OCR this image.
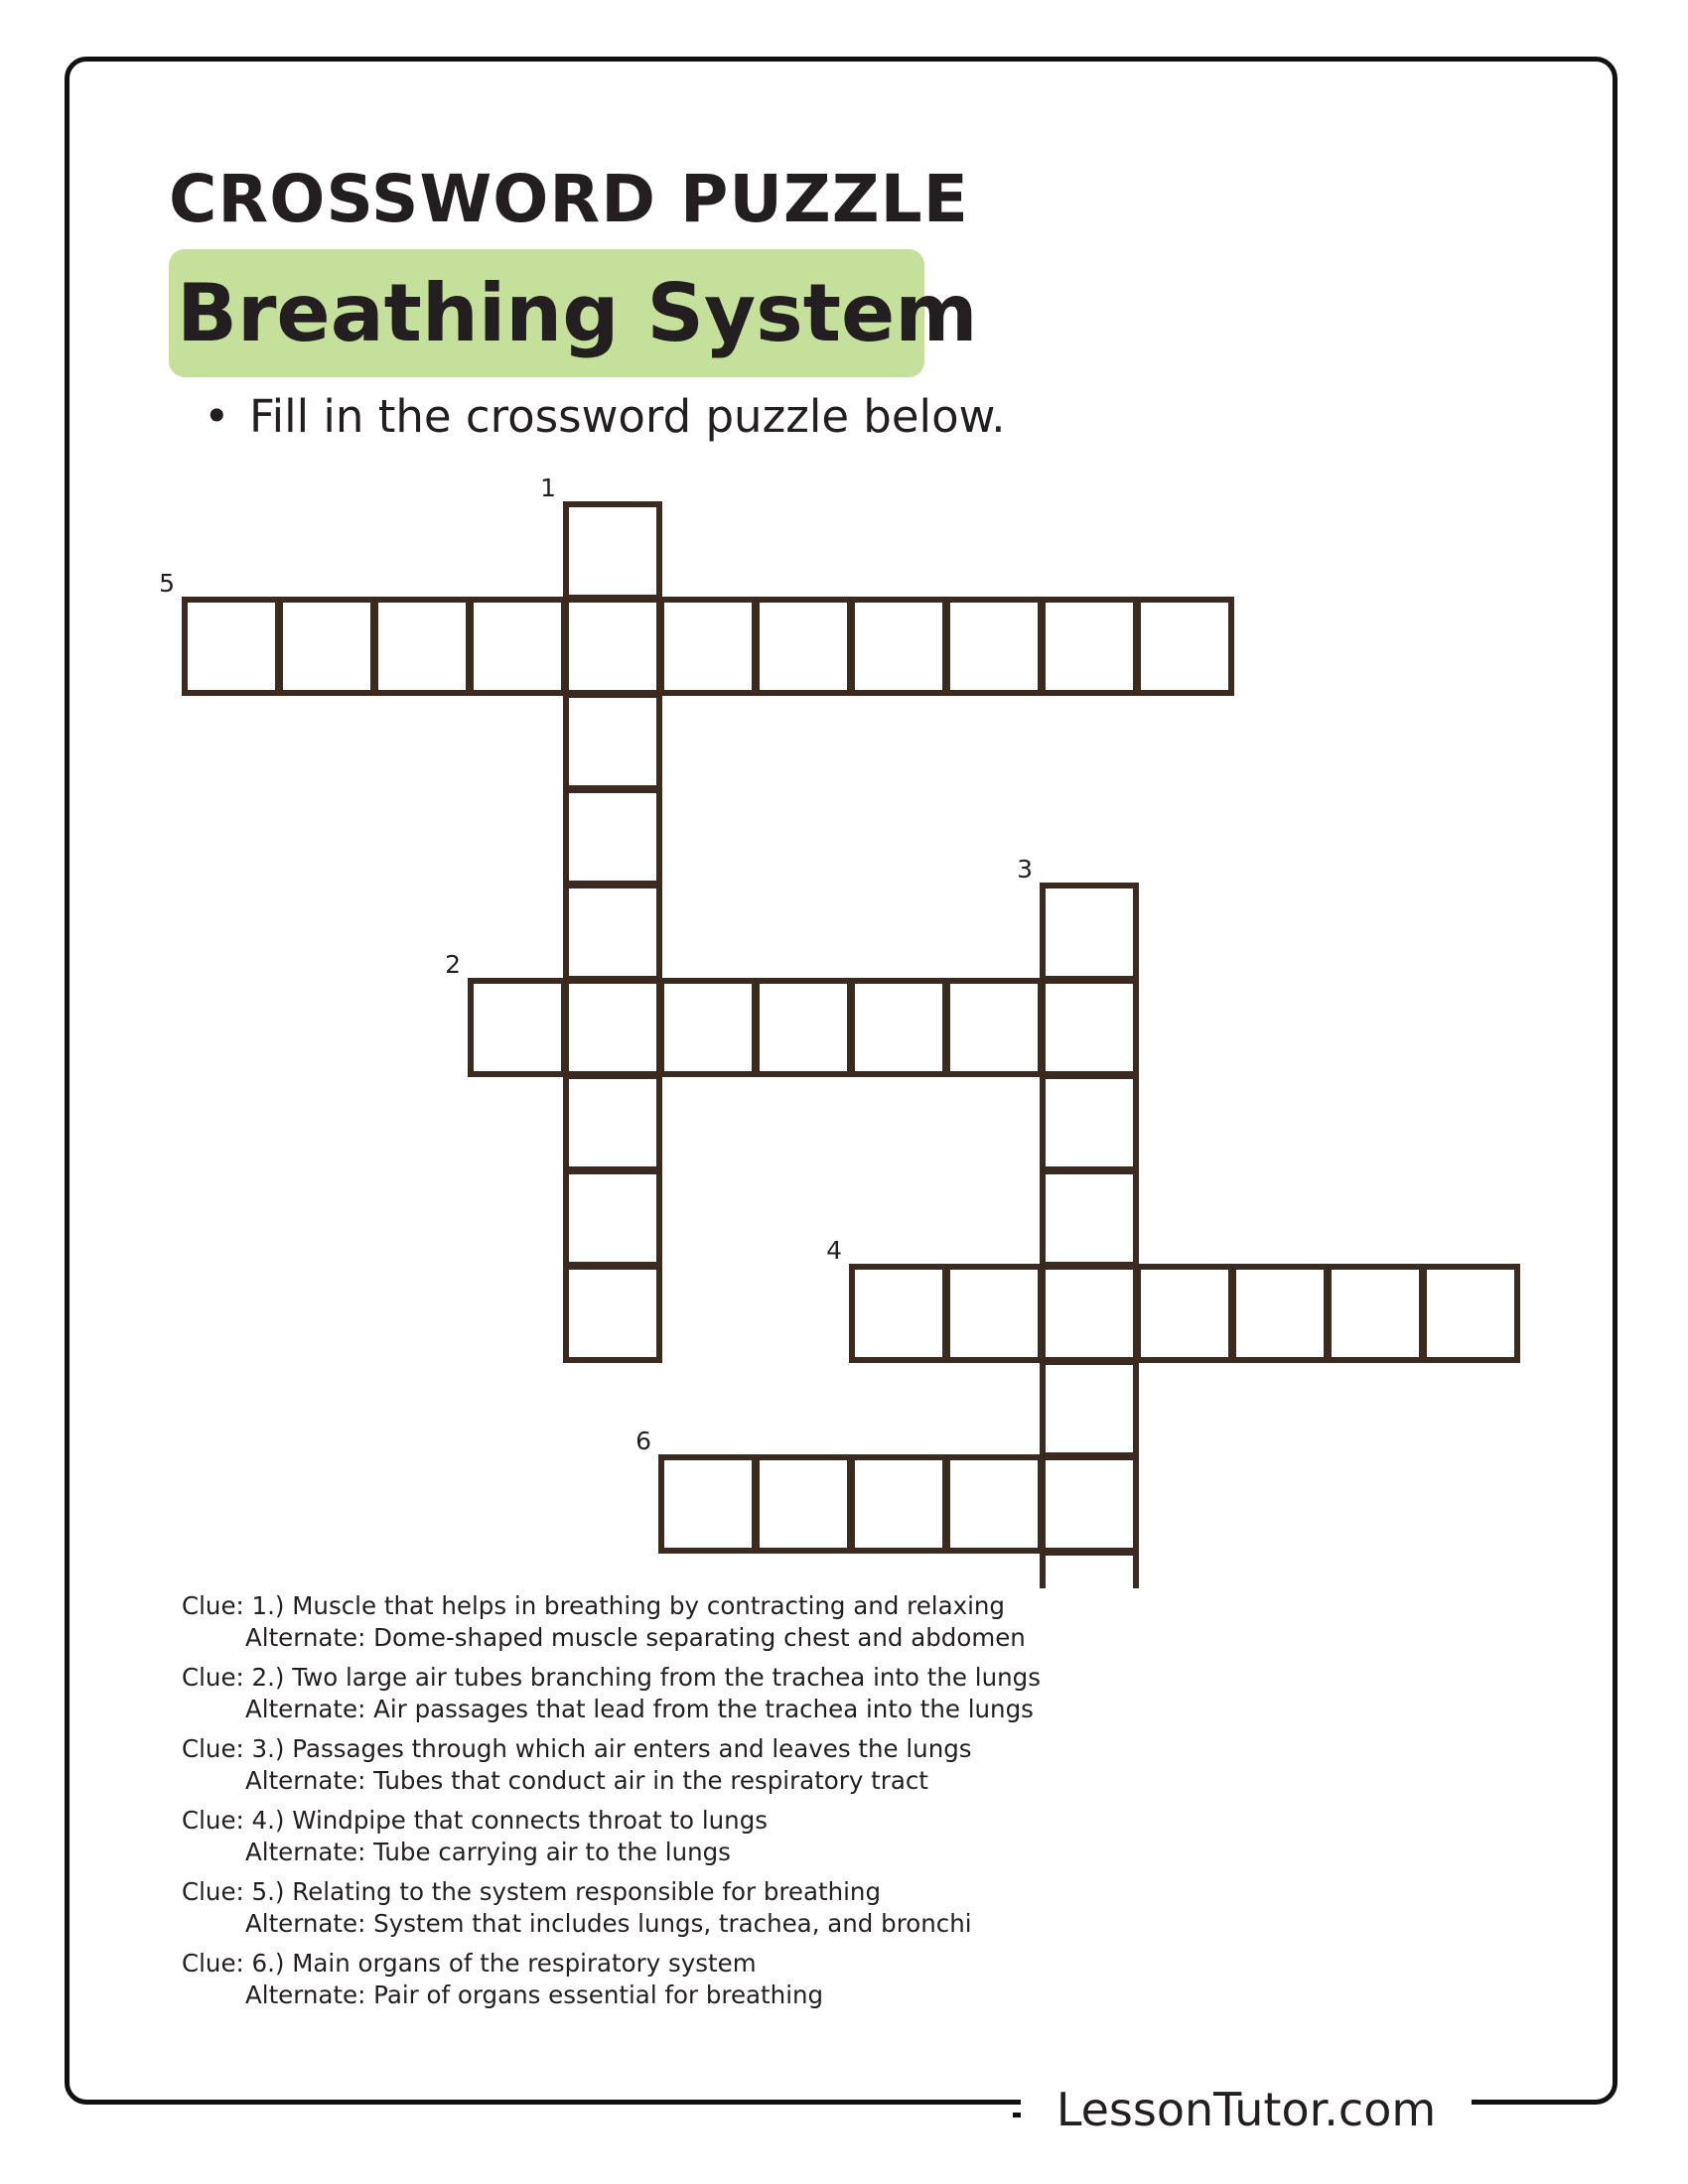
CROSSWORD PUZZLE
Breathing System
• Fill in the crossword puzzle below.
1
2
3
4
5
6

Clue: 1.) Muscle that helps in breathing by contracting and relaxing
Alternate: Dome-shaped muscle separating chest and abdomen

Clue: 2.) Two large air tubes branching from the trachea into the lungs
Alternate: Air passages that lead from the trachea into the lungs

Clue: 3.) Passages through which air enters and leaves the lungs
Alternate: Tubes that conduct air in the respiratory tract

Clue: 4.) Windpipe that connects throat to lungs
Alternate: Tube carrying air to the lungs

Clue: 5.) Relating to the system responsible for breathing
Alternate: System that includes lungs, trachea, and bronchi

Clue: 6.) Main organs of the respiratory system
Alternate: Pair of organs essential for breathing

LessonTutor.com
